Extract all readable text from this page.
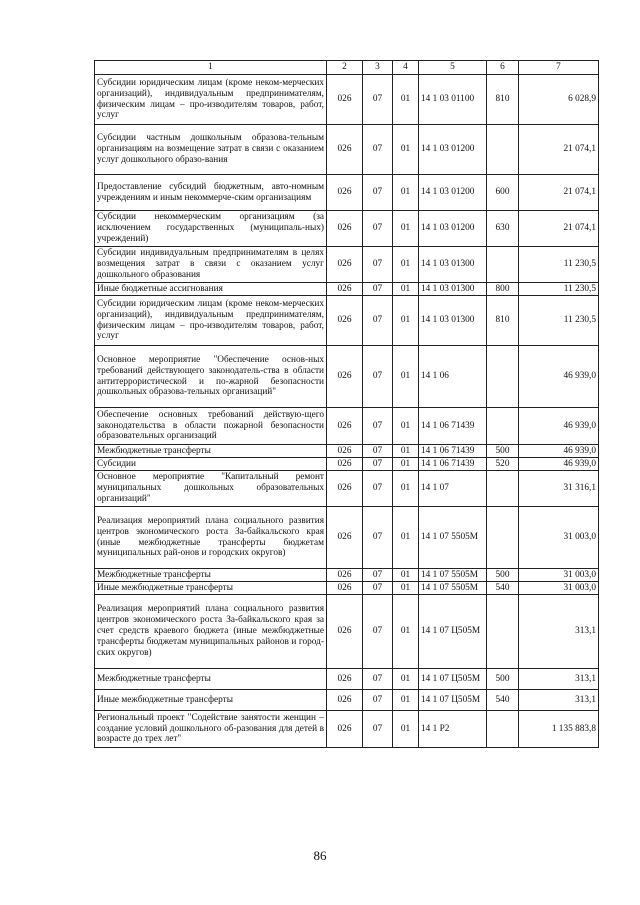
1	2	3	4	5	6	7
Субсидии юридическим лицам (кроме неком-мерческих организаций), индивидуальным предпринимателям, физическим лицам – про-изводителям товаров, работ, услуг	026	07	01	14 1 03 01100	810	6 028,9
Субсидии частным дошкольным образова-тельным организациям на возмещение затрат в связи с оказанием услуг дошкольного образо-вания	026	07	01	14 1 03 01200		21 074,1
Предоставление субсидий бюджетным, авто-номным учреждениям и иным некоммерче-ским организациям	026	07	01	14 1 03 01200	600	21 074,1
Субсидии некоммерческим организациям (за исключением государственных (муниципаль-ных) учреждений)	026	07	01	14 1 03 01200	630	21 074,1
Субсидии индивидуальным предпринимателям в целях возмещения затрат в связи с оказанием услуг дошкольного образования	026	07	01	14 1 03 01300		11 230,5
Иные бюджетные ассигнования	026	07	01	14 1 03 01300	800	11 230,5
Субсидии юридическим лицам (кроме неком-мерческих организаций), индивидуальным предпринимателям, физическим лицам – про-изводителям товаров, работ, услуг	026	07	01	14 1 03 01300	810	11 230,5
Основное мероприятие "Обеспечение основ-ных требований действующего законодатель-ства в области антитеррористической и по-жарной безопасности дошкольных образова-тельных организаций"	026	07	01	14 1 06		46 939,0
Обеспечение основных требований действую-щего законодательства в области пожарной безопасности образовательных организаций	026	07	01	14 1 06 71439		46 939,0
Межбюджетные трансферты	026	07	01	14 1 06 71439	500	46 939,0
Субсидии	026	07	01	14 1 06 71439	520	46 939,0
Основное мероприятие "Капитальный ремонт муниципальных дошкольных образовательных организаций"	026	07	01	14 1 07		31 316,1
Реализация мероприятий плана социального развития центров экономического роста За-байкальского края (иные межбюджетные трансферты бюджетам муниципальных рай-онов и городских округов)	026	07	01	14 1 07 5505М		31 003,0
Межбюджетные трансферты	026	07	01	14 1 07 5505М	500	31 003,0
Иные межбюджетные трансферты	026	07	01	14 1 07 5505М	540	31 003,0
Реализация мероприятий плана социального развития центров экономического роста За-байкальского края за счет средств краевого бюджета (иные межбюджетные трансферты бюджетам муниципальных районов и город-ских округов)	026	07	01	14 1 07 Ц505М		313,1
Межбюджетные трансферты	026	07	01	14 1 07 Ц505М	500	313,1
Иные межбюджетные трансферты	026	07	01	14 1 07 Ц505М	540	313,1
Региональный проект "Содействие занятости женщин – создание условий дошкольного об-разования для детей в возрасте до трех лет"	026	07	01	14 1 Р2		1 135 883,8
86
